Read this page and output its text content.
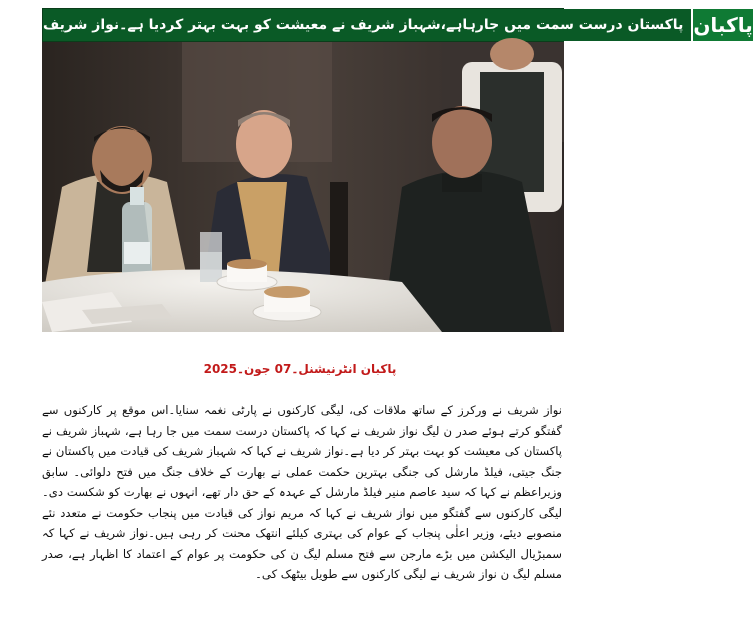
پاکستان درست سمت میں جارہاہے،شہباز شریف نے معیشت کو بہت بہتر کردیا ہے۔نواز شریف پاکبان
پاکبان انٹرنیشنل۔07 جون۔2025
نواز شریف نے ورکرز کے ساتھ ملاقات کی، لیگی کارکنوں نے پارٹی نغمہ سنایا۔اس موقع پر کارکنوں سے گفتگو کرتے ہوئے صدر ن لیگ نواز شریف نے کہا کہ پاکستان درست سمت میں جا رہا ہے، شہباز شریف نے پاکستان کی معیشت کو بہت بہتر کر دیا ہے۔نواز شریف نے کہا کہ شہباز شریف کی قیادت میں پاکستان نے جنگ جیتی، فیلڈ مارشل کی جنگی بہترین حکمت عملی نے بھارت کے خلاف جنگ میں فتح دلوائی۔ سابق وزیراعظم نے کہا کہ سید عاصم منیر فیلڈ مارشل کے عہدہ کے حق دار تھے، انہوں نے بھارت کو شکست دی۔ لیگی کارکنوں سے گفتگو میں نواز شریف نے کہا کہ مریم نواز کی قیادت میں پنجاب حکومت نے متعدد نئے منصوبے دیئے، وزیر اعلٰی پنجاب کے عوام کی بہتری کیلئے انتھک محنت کر رہی ہیں۔نواز شریف نے کہا کہ سمبڑیال الیکشن میں بڑے مارجن سے فتح مسلم لیگ ن کی حکومت پر عوام کے اعتماد کا اظہار ہے، صدر مسلم لیگ ن نواز شریف نے لیگی کارکنوں سے طویل بیٹھک کی۔
